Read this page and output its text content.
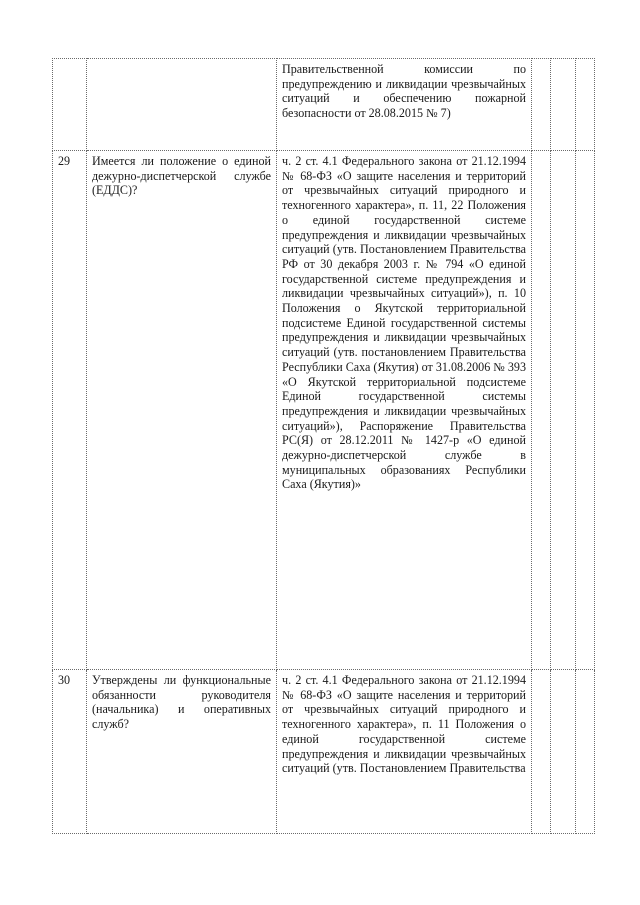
		Правительственной комиссии по предупреждению и ликвидации чрезвычайных ситуаций и обеспечению пожарной безопасности от 28.08.2015 № 7)			

29	Имеется ли положение о единой дежурно-диспетчерской службе (ЕДДС)?	ч. 2 ст. 4.1 Федерального закона от 21.12.1994 № 68-ФЗ «О защите населения и территорий от чрезвычайных ситуаций природного и техногенного характера», п. 11, 22 Положения о единой государственной системе предупреждения и ликвидации чрезвычайных ситуаций (утв. Постановлением Правительства РФ от 30 декабря 2003 г. № 794 «О единой государственной системе предупреждения и ликвидации чрезвычайных ситуаций»), п. 10 Положения о Якутской территориальной подсистеме Единой государственной системы предупреждения и ликвидации чрезвычайных ситуаций (утв. постановлением Правительства Республики Саха (Якутия) от 31.08.2006 № 393 «О Якутской территориальной подсистеме Единой государственной системы предупреждения и ликвидации чрезвычайных ситуаций»), Распоряжение Правительства РС(Я) от 28.12.2011 № 1427-р «О единой дежурно-диспетчерской службе в муниципальных образованиях Республики Саха (Якутия)»			

30	Утверждены ли функциональные обязанности руководителя (начальника) и оперативных служб?	ч. 2 ст. 4.1 Федерального закона от 21.12.1994 № 68-ФЗ «О защите населения и территорий от чрезвычайных ситуаций природного и техногенного характера», п. 11 Положения о единой государственной системе предупреждения и ликвидации чрезвычайных ситуаций (утв. Постановлением Правительства			
